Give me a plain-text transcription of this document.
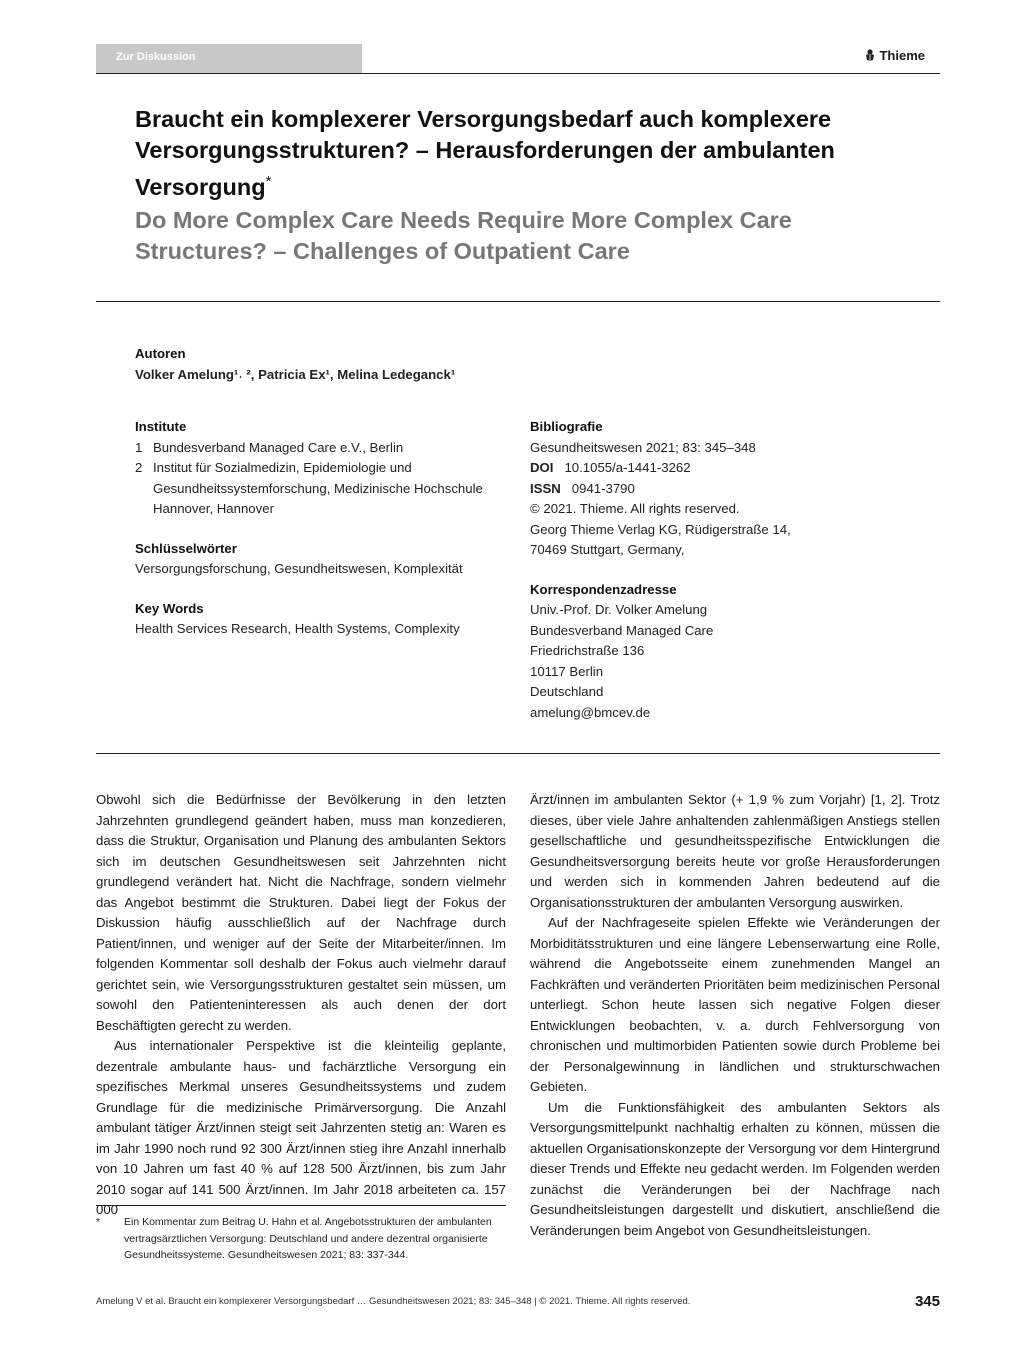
Zur Diskussion	Thieme
Braucht ein komplexerer Versorgungsbedarf auch komplexere Versorgungsstrukturen? – Herausforderungen der ambulanten Versorgung*
Do More Complex Care Needs Require More Complex Care Structures? – Challenges of Outpatient Care
Autoren
Volker Amelung¹˒ ², Patricia Ex¹, Melina Ledeganck¹
Institute
1 Bundesverband Managed Care e.V., Berlin
2 Institut für Sozialmedizin, Epidemiologie und Gesundheitssystemforschung, Medizinische Hochschule Hannover, Hannover
Schlüsselwörter
Versorgungsforschung, Gesundheitswesen, Komplexität
Key Words
Health Services Research, Health Systems, Complexity
Bibliografie
Gesundheitswesen 2021; 83: 345–348
DOI 10.1055/a-1441-3262
ISSN 0941-3790
© 2021. Thieme. All rights reserved.
Georg Thieme Verlag KG, Rüdigerstraße 14,
70469 Stuttgart, Germany,
Korrespondenzadresse
Univ.-Prof. Dr. Volker Amelung
Bundesverband Managed Care
Friedrichstraße 136
10117 Berlin
Deutschland
amelung@bmcev.de

Obwohl sich die Bedürfnisse der Bevölkerung in den letzten Jahrzehnten grundlegend geändert haben, muss man konzedieren, dass die Struktur, Organisation und Planung des ambulanten Sektors sich im deutschen Gesundheitswesen seit Jahrzehnten nicht grundlegend verändert hat. Nicht die Nachfrage, sondern vielmehr das Angebot bestimmt die Strukturen. Dabei liegt der Fokus der Diskussion häufig ausschließlich auf der Nachfrage durch Patient/innen, und weniger auf der Seite der Mitarbeiter/innen. Im folgenden Kommentar soll deshalb der Fokus auch vielmehr darauf gerichtet sein, wie Versorgungsstrukturen gestaltet sein müssen, um sowohl den Patienteninteressen als auch denen der dort Beschäftigten gerecht zu werden.

Aus internationaler Perspektive ist die kleinteilig geplante, dezentrale ambulante haus- und fachärztliche Versorgung ein spezifisches Merkmal unseres Gesundheitssystems und zudem Grundlage für die medizinische Primärversorgung. Die Anzahl ambulant tätiger Ärzt/innen steigt seit Jahrzenten stetig an: Waren es im Jahr 1990 noch rund 92 300 Ärzt/innen stieg ihre Anzahl innerhalb von 10 Jahren um fast 40 % auf 128 500 Ärzt/innen, bis zum Jahr 2010 sogar auf 141 500 Ärzt/innen. Im Jahr 2018 arbeiteten ca. 157 000

Ärzt/innen im ambulanten Sektor (+ 1,9 % zum Vorjahr) [1, 2]. Trotz dieses, über viele Jahre anhaltenden zahlenmäßigen Anstiegs stellen gesellschaftliche und gesundheitsspezifische Entwicklungen die Gesundheitsversorgung bereits heute vor große Herausforderungen und werden sich in kommenden Jahren bedeutend auf die Organisationsstrukturen der ambulanten Versorgung auswirken.

Auf der Nachfrageseite spielen Effekte wie Veränderungen der Morbiditätsstrukturen und eine längere Lebenserwartung eine Rolle, während die Angebotsseite einem zunehmenden Mangel an Fachkräften und veränderten Prioritäten beim medizinischen Personal unterliegt. Schon heute lassen sich negative Folgen dieser Entwicklungen beobachten, v. a. durch Fehlversorgung von chronischen und multimorbiden Patienten sowie durch Probleme bei der Personalgewinnung in ländlichen und strukturschwachen Gebieten.

Um die Funktionsfähigkeit des ambulanten Sektors als Versorgungsmittelpunkt nachhaltig erhalten zu können, müssen die aktuellen Organisationskonzepte der Versorgung vor dem Hintergrund dieser Trends und Effekte neu gedacht werden. Im Folgenden werden zunächst die Veränderungen bei der Nachfrage nach Gesundheitsleistungen dargestellt und diskutiert, anschließend die Veränderungen beim Angebot von Gesundheitsleistungen.

*	Ein Kommentar zum Beitrag U. Hahn et al. Angebotsstrukturen der ambulanten vertragsärztlichen Versorgung: Deutschland und andere dezentral organisierte Gesundheitssysteme. Gesundheitswesen 2021; 83: 337-344.
Amelung V et al. Braucht ein komplexerer Versorgungsbedarf … Gesundheitswesen 2021; 83: 345–348 | © 2021. Thieme. All rights reserved.	345
